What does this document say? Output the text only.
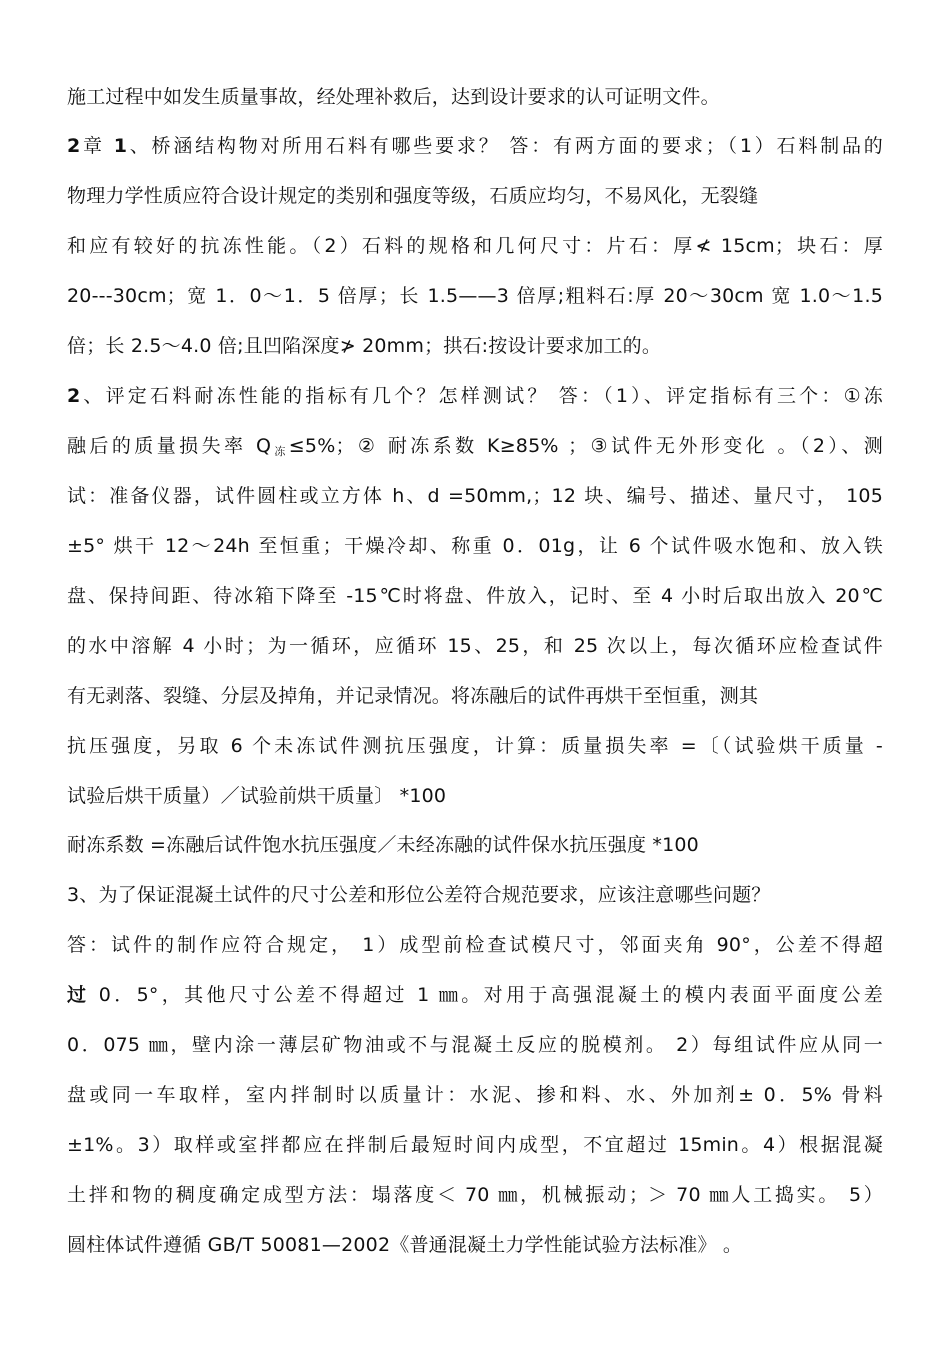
施工过程中如发生质量事故，经处理补救后，达到设计要求的认可证明文件。
2章 1、桥涵结构物对所用石料有哪些要求？ 答：有两方面的要求；（1）石料制品的
物理力学性质应符合设计规定的类别和强度等级，石质应均匀，不易风化，无裂缝
和应有较好的抗冻性能。（2）石料的规格和几何尺寸：片石：厚≮ 15cm；块石：厚
20---30cm；宽 1．0～1．5 倍厚；长 1.5——3 倍厚;粗料石:厚 20～30cm 宽 1.0～1.5
倍；长 2.5～4.0 倍;且凹陷深度≯ 20mm；拱石:按设计要求加工的。
2、评定石料耐冻性能的指标有几个？怎样测试？ 答：（1）、评定指标有三个：①冻
融后的质量损失率 $Q_冻\le 5\%$；② 耐冻系数 K≥85% ；③试件无外形变化 。（2）、测
试：准备仪器，试件圆柱或立方体 h、d =50mm,；12 块、编号、描述、量尺寸， 105
±5° 烘干 12～24h 至恒重；干燥冷却、称重 0．01g，让 6 个试件吸水饱和、放入铁
盘、保持间距、待冰箱下降至 -15℃时将盘、件放入，记时、至 4 小时后取出放入 20℃
的水中溶解 4 小时；为一循环，应循环 15、25，和 25 次以上，每次循环应检查试件
有无剥落、裂缝、分层及掉角，并记录情况。将冻融后的试件再烘干至恒重，测其
抗压强度，另取 6 个未冻试件测抗压强度，计算：质量损失率 =〔（试验烘干质量 -
试验后烘干质量）／试验前烘干质量〕 *100
耐冻系数 =冻融后试件饱水抗压强度／未经冻融的试件保水抗压强度 *100
3、为了保证混凝土试件的尺寸公差和形位公差符合规范要求，应该注意哪些问题？
答：试件的制作应符合规定， 1）成型前检查试模尺寸，邻面夹角 90°，公差不得超
过 0．5°，其他尺寸公差不得超过 1 ㎜。对用于高强混凝土的模内表面平面度公差
0．075 ㎜，壁内涂一薄层矿物油或不与混凝土反应的脱模剂。 2）每组试件应从同一
盘或同一车取样，室内拌制时以质量计：水泥、掺和料、水、外加剂± 0．5% 骨料
±1%。3）取样或室拌都应在拌制后最短时间内成型，不宜超过 15min。4）根据混凝
土拌和物的稠度确定成型方法：塌落度＜ 70 ㎜，机械振动；＞ 70 ㎜人工捣实。 5）
圆柱体试件遵循 GB/T 50081—2002《普通混凝土力学性能试验方法标准》 。
